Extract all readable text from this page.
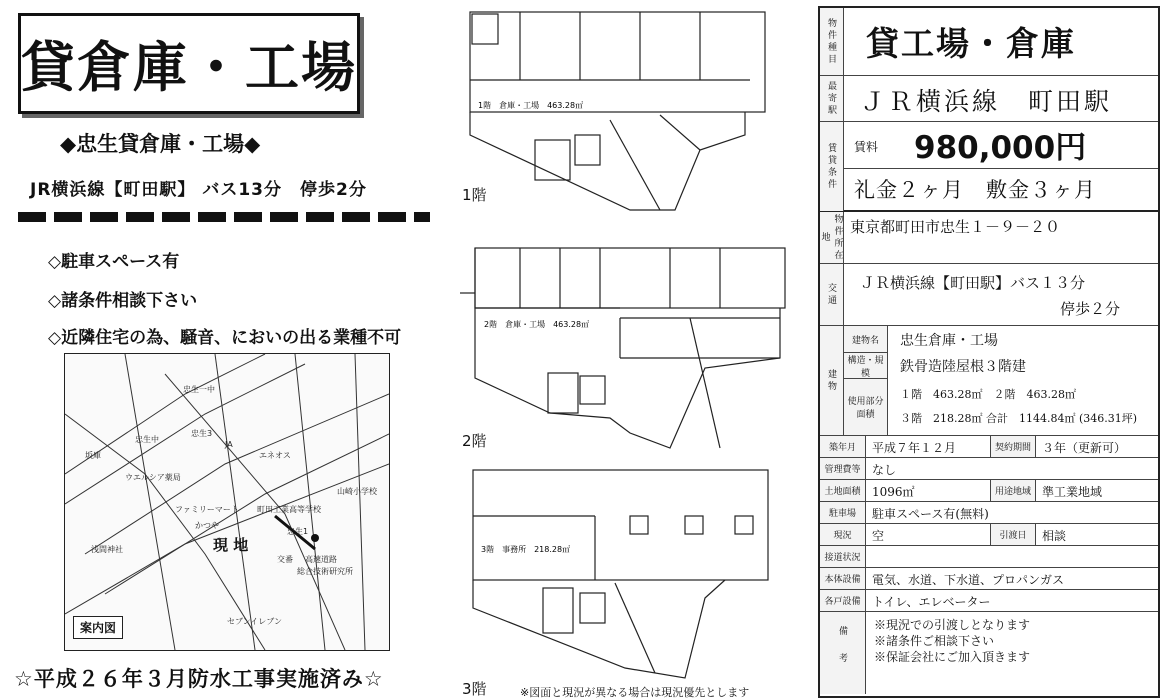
貸倉庫・工場
◆忠生貸倉庫・工場◆
JR横浜線【町田駅】 バス13分　停歩2分
◇駐車スペース有
◇諸条件相談下さい
◇近隣住宅の為、騒音、においの出る業種不可
忠生一中
忠生中
忠生3
JA
エネオス
坂庫
ウエルシア薬局
ファミリーマート
かつや
町田工業高等学校
忠生1
山崎小学校
浅間神社
交番 高速道路
総合技術研究所
セブンイレブン
現 地
案内図
☆平成２６年３月防水工事実施済み☆
1階　倉庫・工場　463.28㎡
1階
2階　倉庫・工場　463.28㎡
2階
3階　事務所　218.28㎡
3階	※図面と現況が異なる場合は現況優先とします
物件種目 貸工場・倉庫
最寄駅 ＪＲ横浜線　町田駅
賃貸条件	賃料 980,000円
礼金２ヶ月　敷金３ヶ月
物件所在地
東京都町田市忠生１－９－２０
交通	ＪＲ横浜線【町田駅】バス１３分
停歩２分
建物
建物名	忠生倉庫・工場
構造・規模	鉄骨造陸屋根３階建
使用部分面積
１階　463.28㎡　２階　463.28㎡
３階　218.28㎡ 合計　1144.84㎡ (346.31坪)
築年月	平成７年１２月	契約期間 ３年（更新可）
管理費等 なし
土地面積 1096㎡	用途地域 準工業地域
駐車場	駐車スペース有(無料)
現況	空	引渡日	相談
接道状況
本体設備 電気、水道、下水道、プロパンガス
各戸設備 トイレ、エレベーター
備考
※現況での引渡しとなります
※諸条件ご相談下さい
※保証会社にご加入頂きます
